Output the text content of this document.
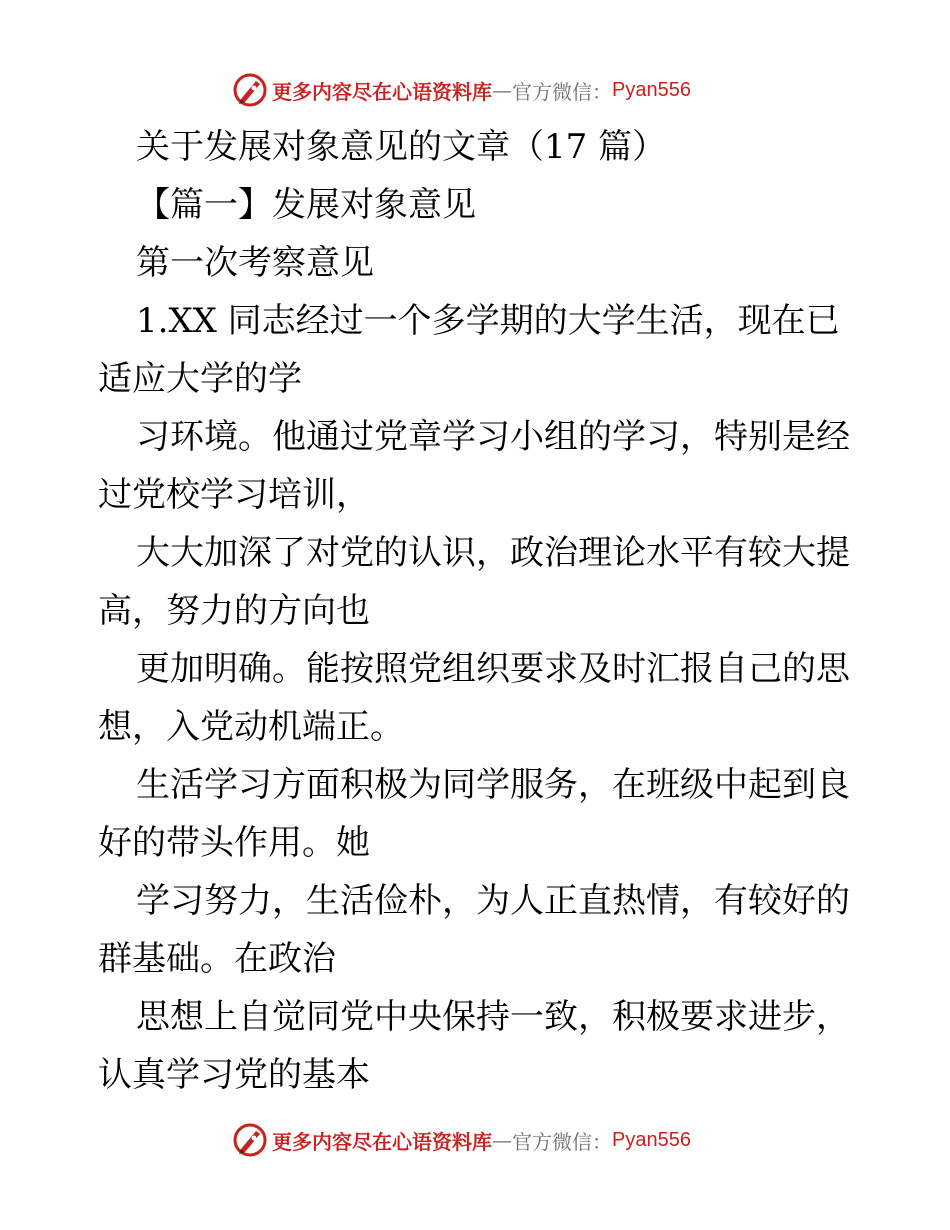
更多内容尽在心语资料库 — 官方微信： Pyan556
关于发展对象意见的文章（17 篇）
【篇一】发展对象意见
第一次考察意见
1.XX 同志经过一个多学期的大学生活，现在已
适应大学的学
习环境。他通过党章学习小组的学习，特别是经
过党校学习培训，
大大加深了对党的认识，政治理论水平有较大提
高，努力的方向也
更加明确。能按照党组织要求及时汇报自己的思
想，入党动机端正。
生活学习方面积极为同学服务，在班级中起到良
好的带头作用。她
学习努力，生活俭朴，为人正直热情，有较好的
群基础。在政治
思想上自觉同党中央保持一致，积极要求进步，
认真学习党的基本
更多内容尽在心语资料库 — 官方微信： Pyan556
